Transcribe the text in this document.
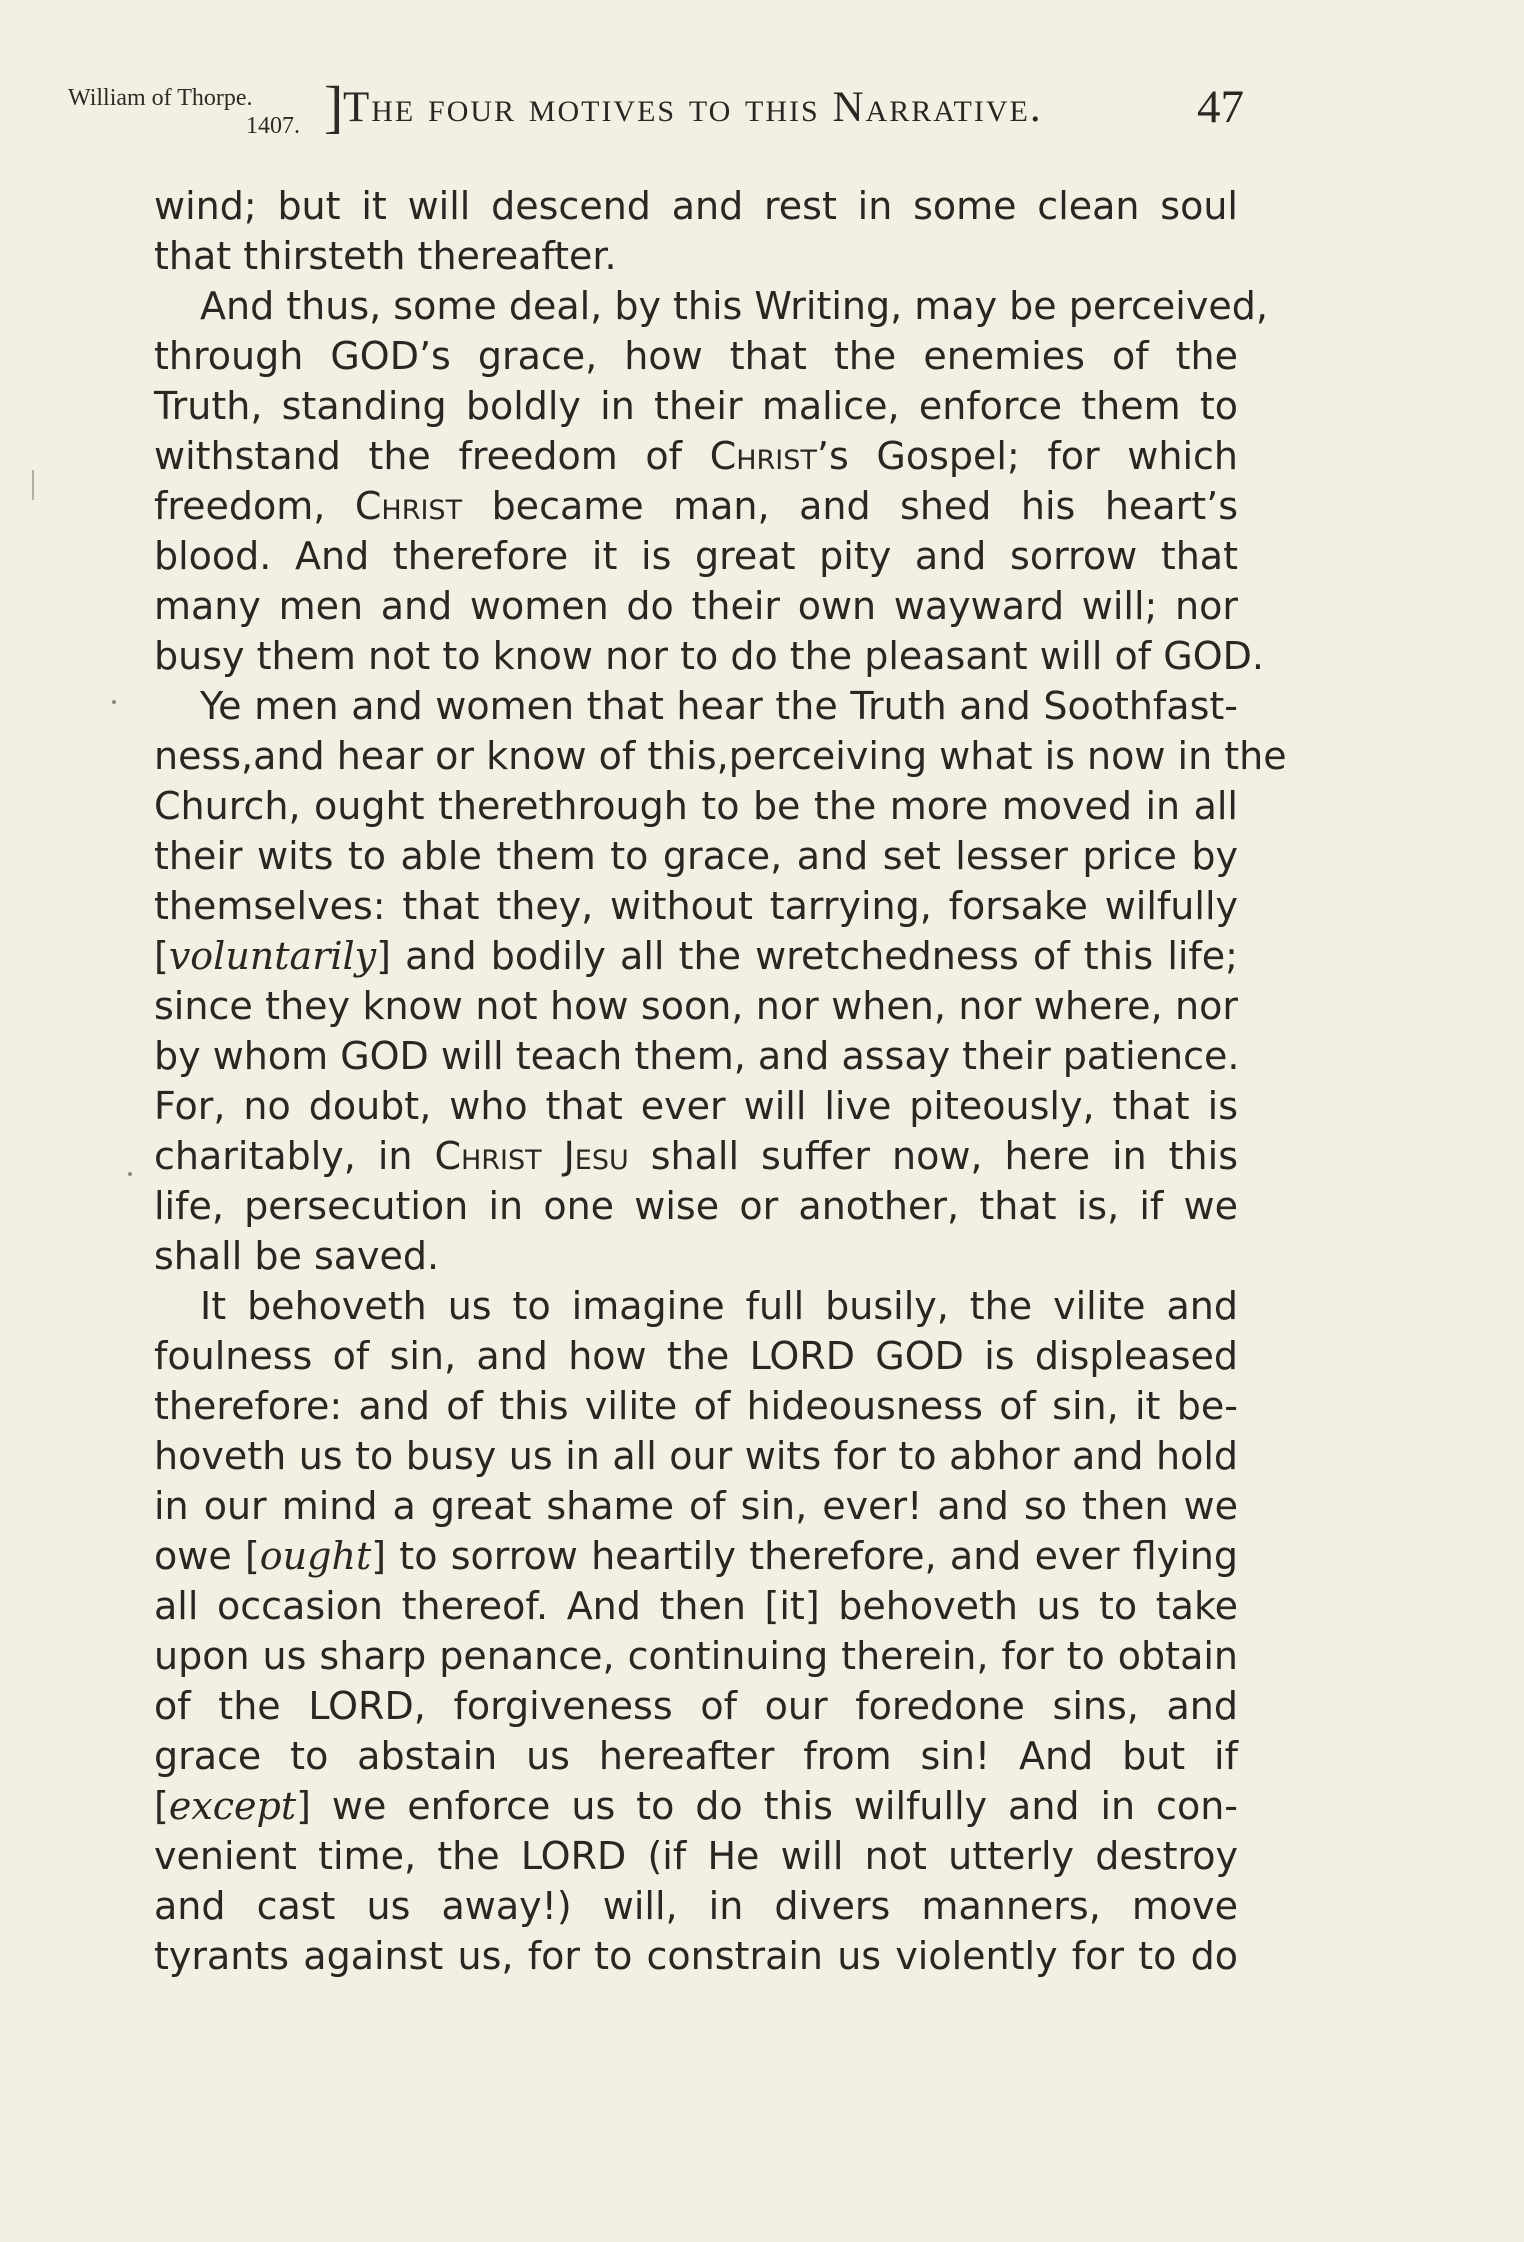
William of Thorpe.
1407. ] The four motives to this Narrative.	47

wind; but it will descend and rest in some clean soul
that thirsteth thereafter.

And thus, some deal, by this Writing, may be perceived,
through GOD’s grace, how that the enemies of the
Truth, standing boldly in their malice, enforce them to
withstand the freedom of Christ’s Gospel; for which
freedom, Christ became man, and shed his heart’s
blood. And therefore it is great pity and sorrow that
many men and women do their own wayward will; nor
busy them not to know nor to do the pleasant will of GOD.

Ye men and women that hear the Truth and Soothfast-
ness,and hear or know of this,perceiving what is now in the
Church, ought therethrough to be the more moved in all
their wits to able them to grace, and set lesser price by
themselves: that they, without tarrying, forsake wilfully
[voluntarily] and bodily all the wretchedness of this life;
since they know not how soon, nor when, nor where, nor
by whom GOD will teach them, and assay their patience.
For, no doubt, who that ever will live piteously, that is
charitably, in Christ Jesu shall suffer now, here in this
life, persecution in one wise or another, that is, if we
shall be saved.

It behoveth us to imagine full busily, the vilite and
foulness of sin, and how the LORD GOD is displeased
therefore: and of this vilite of hideousness of sin, it be-
hoveth us to busy us in all our wits for to abhor and hold
in our mind a great shame of sin, ever! and so then we
owe [ought] to sorrow heartily therefore, and ever flying
all occasion thereof. And then [it] behoveth us to take
upon us sharp penance, continuing therein, for to obtain
of the LORD, forgiveness of our foredone sins, and
grace to abstain us hereafter from sin! And but if
[except] we enforce us to do this wilfully and in con-
venient time, the LORD (if He will not utterly destroy
and cast us away!) will, in divers manners, move
tyrants against us, for to constrain us violently for to do
